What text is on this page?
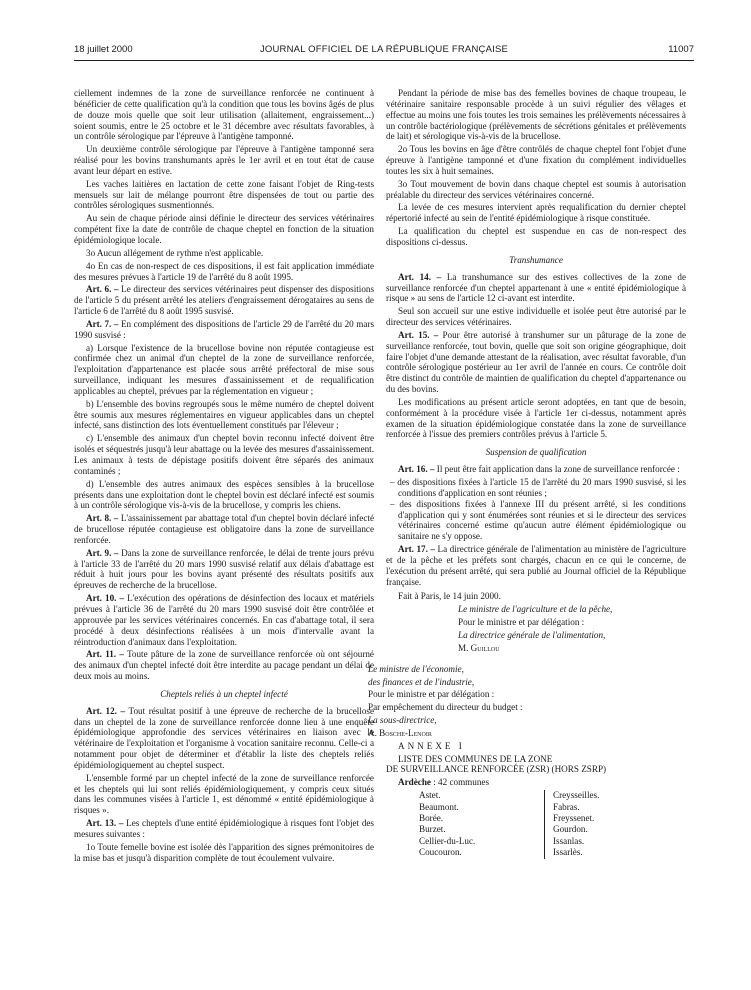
18 juillet 2000	JOURNAL OFFICIEL DE LA RÉPUBLIQUE FRANÇAISE	11007

ciellement indemnes de la zone de surveillance renforcée ne continuent à bénéficier de cette qualification qu'à la condition que tous les bovins âgés de plus de douze mois quelle que soit leur utilisation (allaitement, engraissement...) soient soumis, entre le 25 octobre et le 31 décembre avec résultats favorables, à un contrôle sérologique par l'épreuve à l'antigène tamponné.

Un deuxième contrôle sérologique par l'épreuve à l'antigène tamponné sera réalisé pour les bovins transhumants après le 1er avril et en tout état de cause avant leur départ en estive.

Les vaches laitières en lactation de cette zone faisant l'objet de Ring-tests mensuels sur lait de mélange pourront être dispensées de tout ou partie des contrôles sérologiques susmentionnés.

Au sein de chaque période ainsi définie le directeur des services vétérinaires compétent fixe la date de contrôle de chaque cheptel en fonction de la situation épidémiologique locale.

3o Aucun allégement de rythme n'est applicable.

4o En cas de non-respect de ces dispositions, il est fait application immédiate des mesures prévues à l'article 19 de l'arrêté du 8 août 1995.

Art. 6. – Le directeur des services vétérinaires peut dispenser des dispositions de l'article 5 du présent arrêté les ateliers d'engraissement dérogataires au sens de l'article 6 de l'arrêté du 8 août 1995 susvisé.

Art. 7. – En complément des dispositions de l'article 29 de l'arrêté du 20 mars 1990 susvisé :

a) Lorsque l'existence de la brucellose bovine non réputée contagieuse est confirmée chez un animal d'un cheptel de la zone de surveillance renforcée, l'exploitation d'appartenance est placée sous arrêté préfectoral de mise sous surveillance, indiquant les mesures d'assainissement et de requalification applicables au cheptel, prévues par la réglementation en vigueur ;

b) L'ensemble des bovins regroupés sous le même numéro de cheptel doivent être soumis aux mesures réglementaires en vigueur applicables dans un cheptel infecté, sans distinction des lots éventuellement constitués par l'éleveur ;

c) L'ensemble des animaux d'un cheptel bovin reconnu infecté doivent être isolés et séquestrés jusqu'à leur abattage ou la levée des mesures d'assainissement. Les animaux à tests de dépistage positifs doivent être séparés des animaux contaminés ;

d) L'ensemble des autres animaux des espèces sensibles à la brucellose présents dans une exploitation dont le cheptel bovin est déclaré infecté est soumis à un contrôle sérologique vis-à-vis de la brucellose, y compris les chiens.

Art. 8. – L'assainissement par abattage total d'un cheptel bovin déclaré infecté de brucellose réputée contagieuse est obligatoire dans la zone de surveillance renforcée.

Art. 9. – Dans la zone de surveillance renforcée, le délai de trente jours prévu à l'article 33 de l'arrêté du 20 mars 1990 susvisé relatif aux délais d'abattage est réduit à huit jours pour les bovins ayant présenté des résultats positifs aux épreuves de recherche de la brucellose.

Art. 10. – L'exécution des opérations de désinfection des locaux et matériels prévues à l'article 36 de l'arrêté du 20 mars 1990 susvisé doit être contrôlée et approuvée par les services vétérinaires concernés. En cas d'abattage total, il sera procédé à deux désinfections réalisées à un mois d'intervalle avant la réintroduction d'animaux dans l'exploitation.

Art. 11. – Toute pâture de la zone de surveillance renforcée où ont séjourné des animaux d'un cheptel infecté doit être interdite au pacage pendant un délai de deux mois au moins.

Cheptels reliés à un cheptel infecté

Art. 12. – Tout résultat positif à une épreuve de recherche de la brucellose dans un cheptel de la zone de surveillance renforcée donne lieu à une enquête épidémiologique approfondie des services vétérinaires en liaison avec le vétérinaire de l'exploitation et l'organisme à vocation sanitaire reconnu. Celle-ci a notamment pour objet de déterminer et d'établir la liste des cheptels reliés épidémiologiquement au cheptel suspect.

L'ensemble formé par un cheptel infecté de la zone de surveillance renforcée et les cheptels qui lui sont reliés épidémiologiquement, y compris ceux situés dans les communes visées à l'article 1, est dénommé « entité épidémiologique à risques ».

Art. 13. – Les cheptels d'une entité épidémiologique à risques font l'objet des mesures suivantes :

1o Toute femelle bovine est isolée dès l'apparition des signes prémonitoires de la mise bas et jusqu'à disparition complète de tout écoulement vulvaire.

Pendant la période de mise bas des femelles bovines de chaque troupeau, le vétérinaire sanitaire responsable procède à un suivi régulier des vêlages et effectue au moins une fois toutes les trois semaines les prélèvements nécessaires à un contrôle bactériologique (prélèvements de sécrétions génitales et prélèvements de lait) et sérologique vis-à-vis de la brucellose.

2o Tous les bovins en âge d'être contrôlés de chaque cheptel font l'objet d'une épreuve à l'antigène tamponné et d'une fixation du complément individuelles toutes les six à huit semaines.

3o Tout mouvement de bovin dans chaque cheptel est soumis à autorisation préalable du directeur des services vétérinaires concerné.

La levée de ces mesures intervient après requalification du dernier cheptel répertorié infecté au sein de l'entité épidémiologique à risque constituée.

La qualification du cheptel est suspendue en cas de non-respect des dispositions ci-dessus.

Transhumance

Art. 14. – La transhumance sur des estives collectives de la zone de surveillance renforcée d'un cheptel appartenant à une « entité épidémiologique à risque » au sens de l'article 12 ci-avant est interdite.

Seul son accueil sur une estive individuelle et isolée peut être autorisé par le directeur des services vétérinaires.

Art. 15. – Pour être autorisé à transhumer sur un pâturage de la zone de surveillance renforcée, tout bovin, quelle que soit son origine géographique, doit faire l'objet d'une demande attestant de la réalisation, avec résultat favorable, d'un contrôle sérologique postérieur au 1er avril de l'année en cours. Ce contrôle doit être distinct du contrôle de maintien de qualification du cheptel d'appartenance ou du des bovins.

Les modifications au présent article seront adoptées, en tant que de besoin, conformément à la procédure visée à l'article 1er ci-dessus, notamment après examen de la situation épidémiologique constatée dans la zone de surveillance renforcée à l'issue des premiers contrôles prévus à l'article 5.

Suspension de qualification

Art. 16. – Il peut être fait application dans la zone de surveillance renforcée :

– des dispositions fixées à l'article 15 de l'arrêté du 20 mars 1990 susvisé, si les conditions d'application en sont réunies ;
– des dispositions fixées à l'annexe III du présent arrêté, si les conditions d'application qui y sont énumérées sont réunies et si le directeur des services vétérinaires concerné estime qu'aucun autre élément épidémiologique ou sanitaire ne s'y oppose.

Art. 17. – La directrice générale de l'alimentation au ministère de l'agriculture et de la pêche et les préfets sont chargés, chacun en ce qui le concerne, de l'exécution du présent arrêté, qui sera publié au Journal officiel de la République française.

Fait à Paris, le 14 juin 2000.

Le ministre de l'agriculture et de la pêche,

Pour le ministre et par délégation :

La directrice générale de l'alimentation,

M. Guillou

Le ministre de l'économie,

des finances et de l'industrie,

Pour le ministre et par délégation :

Par empêchement du directeur du budget :

La sous-directrice,

A. Bosche-Lenoir

ANNEXE I

LISTE DES COMMUNES DE LA ZONE
DE SURVEILLANCE RENFORCÉE (ZSR) (HORS ZSRP)

Ardèche : 42 communes

Astet.
Beaumont.
Borée.
Burzet.
Cellier-du-Luc.
Coucouron.
Creysseilles.
Fabras.
Freyssenet.
Gourdon.
Issanlas.
Issarlès.
